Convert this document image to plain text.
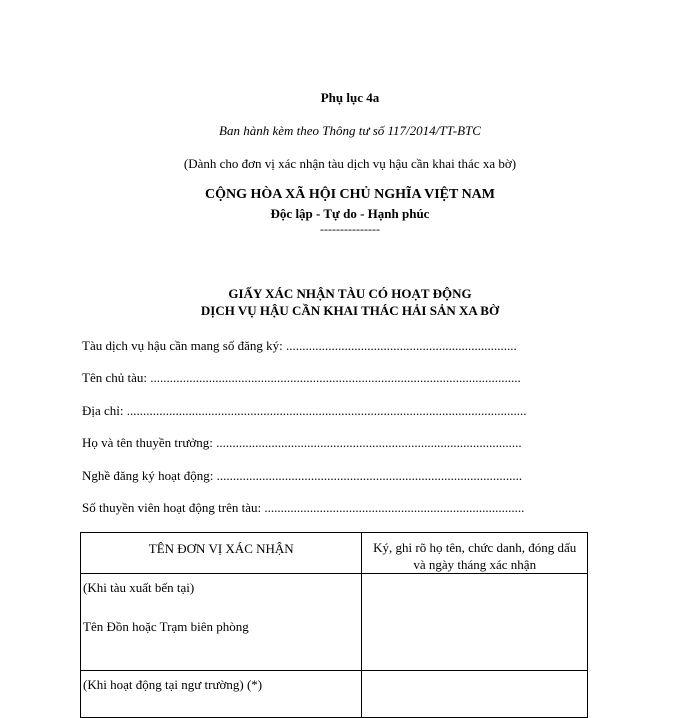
Phụ lục 4a
Ban hành kèm theo Thông tư số 117/2014/TT-BTC
(Dành cho đơn vị xác nhận tàu dịch vụ hậu cần khai thác xa bờ)
CỘNG HÒA XÃ HỘI CHỦ NGHĨA VIỆT NAM
Độc lập - Tự do - Hạnh phúc
---------------
GIẤY XÁC NHẬN TÀU CÓ HOẠT ĐỘNG
DỊCH VỤ HẬU CẦN KHAI THÁC HẢI SẢN XA BỜ
Tàu dịch vụ hậu cần mang số đăng ký: .......................................................................
Tên chủ tàu: ..................................................................................................................
Địa chỉ: ...........................................................................................................................
Họ và tên thuyền trưởng: ..............................................................................................
Nghề đăng ký hoạt động: ..............................................................................................
Số thuyền viên hoạt động trên tàu: ................................................................................
TÊN ĐƠN VỊ XÁC NHẬN	Ký, ghi rõ họ tên, chức danh, đóng dấu
và ngày tháng xác nhận

(Khi tàu xuất bến tại)
Tên Đồn hoặc Trạm biên phòng	

(Khi hoạt động tại ngư trường) (*)	
